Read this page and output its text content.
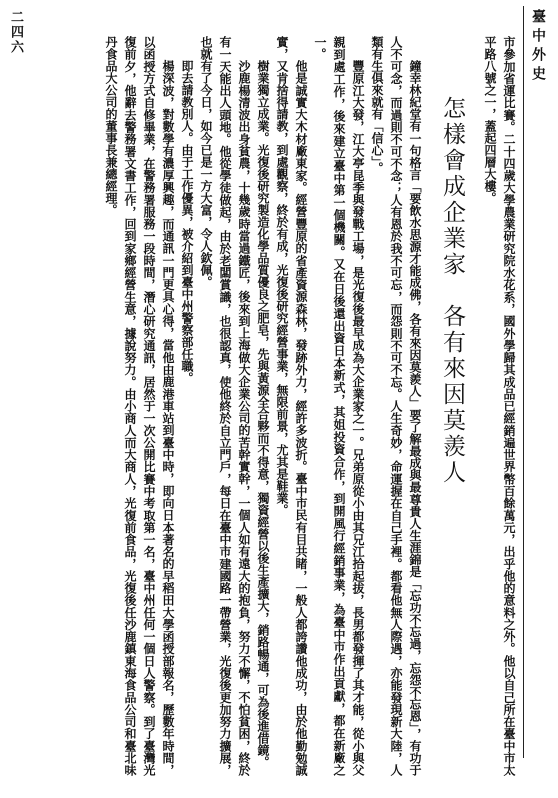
臺中外史
二四六

市參加省運比賽。二十四歲大學農業研究院水花系，國外學歸其成品已經銷遍世界幣百餘萬元，出乎他的意料之外。他以自己所在臺中市太平路八號之一，蓋起四層大樓。

怎樣會成企業家　各有來因莫羨人

鐘幸林紀堂有一句格言「要飲水思源才能成佛，各有來因莫羨人」要了解最成與最尊貴人生涯錦是「忘功不忘過，忘怨不忘恩」，有功于人不可念，而過則不可不念；人有恩於我不可忘，而怨則不可不忘。人生奇妙，命運握在自己手裡。都看他無人際遇，亦能發現新大陸，人類有生俱來就有「信心」。

豐原江大發，江大亭昆季與發戰工場，是光復後最早成為大企業家之一。兄弟原從小由其兄江拾起拔，長男都發揮了其才能，從小與父親到處工作，後來建立臺中第一個機關。又在日後還出資日本新式，其姐投資合作，到開風行經銷事業，為臺中市作出貢獻，都在新廠之一。

他是誠實大木材廠東家。經營豐原的省產資源森林，發跡外力，經許多波折。臺中市民有目共睹，一般人都誇讚他成功，由於他勤勉誠實，又肯捨得請教，到處觀察，終於有成，光復後研究經營事業，無限前景，尤其是鞋業。

樹業獨立成業。光復後研究製造化學品質優良之肥皂，先與黃源全合夥而不得意，獨資經營以後生產擴大，銷路暢通，可為後進借鏡。

沙鹿楊清波出身貧農，十幾歲時當過鐵匠，後來到上海做大企業公司的苦幹實幹，一個人如有遠大的抱負，努力不懈，不怕貧困，終於有一天能出人頭地。他從學徒做起，由於老闆賞識，也很認真，使他終於自立門戶，每日在臺中市建國路一帶營業，光復後更加努力擴展，也就有了今日，如今已是一方大富，令人欽佩。

即去請教別人。由于工作優異，被介紹到臺中州警察部任職。

楊深波，對數學有濃厚興趣，而通訊一門更具心得，當他由鹿港車站到臺中時，即向日本著名的早稻田大學函授部報名，歷數年時間，以函授方式自修畢業，在警務署服務一段時間，潛心研究通訊，居然于一次公開比賽中考取第一名，臺中州任何一個日人警察。到了臺灣光復前夕，他辭去警務署文書工作，回到家鄉經營生意，據說努力。由小商人而大商人，光復前食品，光復後任沙鹿鎮東海食品公司和臺北味丹食品大公司的董事長兼總經理。
